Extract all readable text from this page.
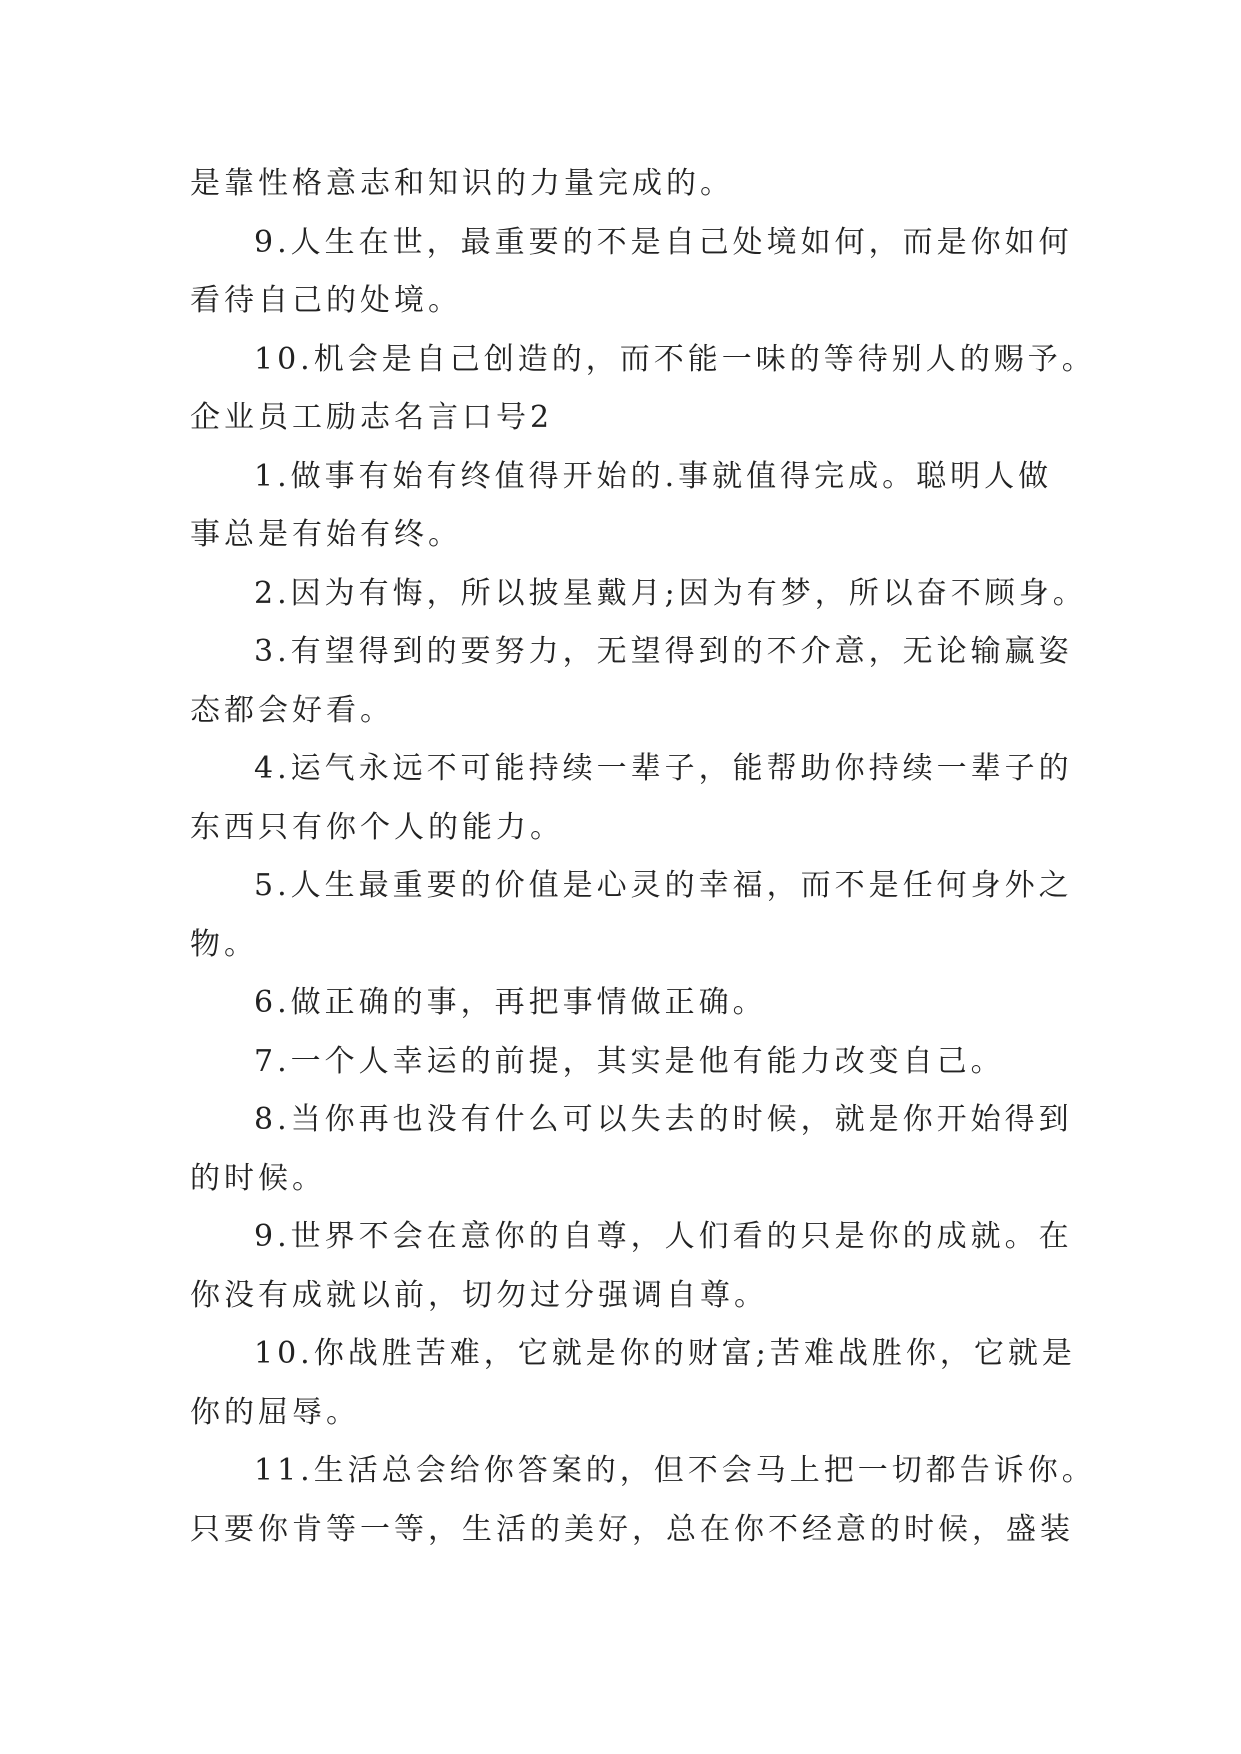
是靠性格意志和知识的力量完成的。
9.人生在世，最重要的不是自己处境如何，而是你如何
看待自己的处境。
10.机会是自己创造的，而不能一味的等待别人的赐予。
企业员工励志名言口号2
1.做事有始有终值得开始的.事就值得完成。聪明人做
事总是有始有终。
2.因为有悔，所以披星戴月;因为有梦，所以奋不顾身。
3.有望得到的要努力，无望得到的不介意，无论输赢姿
态都会好看。
4.运气永远不可能持续一辈子，能帮助你持续一辈子的
东西只有你个人的能力。
5.人生最重要的价值是心灵的幸福，而不是任何身外之
物。
6.做正确的事，再把事情做正确。
7.一个人幸运的前提，其实是他有能力改变自己。
8.当你再也没有什么可以失去的时候，就是你开始得到
的时候。
9.世界不会在意你的自尊，人们看的只是你的成就。在
你没有成就以前，切勿过分强调自尊。
10.你战胜苦难，它就是你的财富;苦难战胜你，它就是
你的屈辱。
11.生活总会给你答案的，但不会马上把一切都告诉你。
只要你肯等一等，生活的美好，总在你不经意的时候，盛装
